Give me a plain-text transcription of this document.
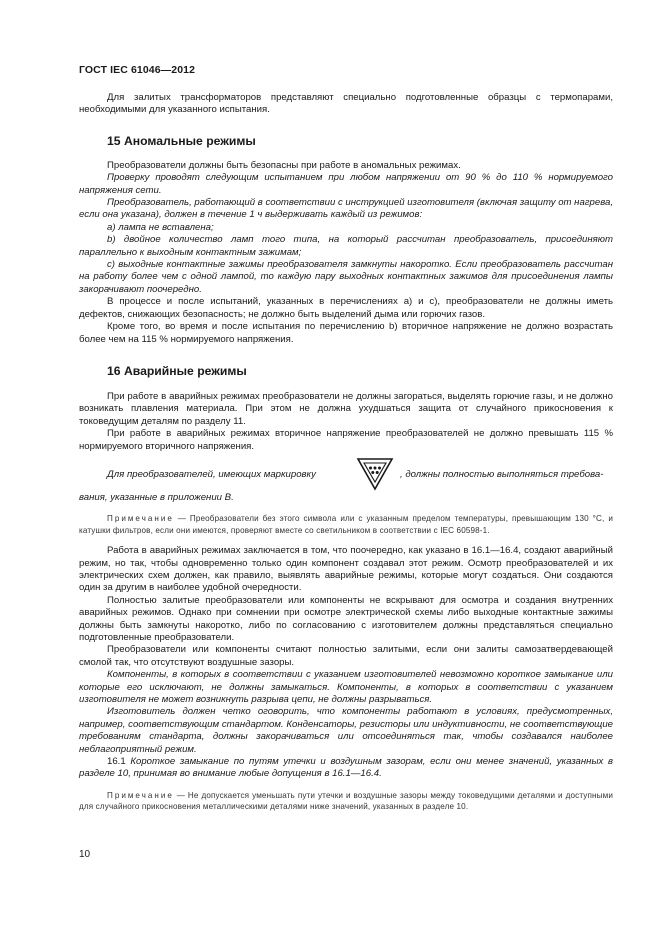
ГОСТ IEC 61046—2012

Для залитых трансформаторов представляют специально подготовленные образцы с термопарами, необходимыми для указанного испытания.

15 Аномальные режимы

Преобразователи должны быть безопасны при работе в аномальных режимах.

Проверку проводят следующим испытанием при любом напряжении от 90 % до 110 % нормируемого напряжения сети.

Преобразователь, работающий в соответствии с инструкцией изготовителя (включая защиту от нагрева, если она указана), должен в течение 1 ч выдерживать каждый из режимов:

а) лампа не вставлена;

b) двойное количество ламп того типа, на который рассчитан преобразователь, присоединяют параллельно к выходным контактным зажимам;

с) выходные контактные зажимы преобразователя замкнуты накоротко. Если преобразователь рассчитан на работу более чем с одной лампой, то каждую пару выходных контактных зажимов для присоединения лампы закорачивают поочередно.

В процессе и после испытаний, указанных в перечислениях а) и с), преобразователи не должны иметь дефектов, снижающих безопасность; не должно быть выделений дыма или горючих газов.

Кроме того, во время и после испытания по перечислению b) вторичное напряжение не должно возрастать более чем на 115 % нормируемого напряжения.

16 Аварийные режимы

При работе в аварийных режимах преобразователи не должны загораться, выделять горючие газы, и не должно возникать плавления материала. При этом не должна ухудшаться защита от случайного прикосновения к токоведущим деталям по разделу 11.

При работе в аварийных режимах вторичное напряжение преобразователей не должно превышать 115 % нормируемого вторичного напряжения.

Для преобразователей, имеющих маркировку	, должны полностью выполняться требова-

вания, указанные в приложении В.

Примечание — Преобразователи без этого символа или с указанным пределом температуры, превышающим 130 °С, и катушки фильтров, если они имеются, проверяют вместе со светильником в соответствии с IEC 60598-1.

Работа в аварийных режимах заключается в том, что поочередно, как указано в 16.1—16.4, создают аварийный режим, но так, чтобы одновременно только один компонент создавал этот режим. Осмотр преобразователей и их электрических схем должен, как правило, выявлять аварийные режимы, которые могут создаться. Они создаются один за другим в наиболее удобной очередности.

Полностью залитые преобразователи или компоненты не вскрывают для осмотра и создания внутренних аварийных режимов. Однако при сомнении при осмотре электрической схемы либо выходные контактные зажимы должны быть замкнуты накоротко, либо по согласованию с изготовителем должны представляться специально подготовленные преобразователи.

Преобразователи или компоненты считают полностью залитыми, если они залиты самозатвердевающей смолой так, что отсутствуют воздушные зазоры.

Компоненты, в которых в соответствии с указанием изготовителей невозможно короткое замыкание или которые его исключают, не должны замыкаться. Компоненты, в которых в соответствии с указанием изготовителя не может возникнуть разрыва цепи, не должны разрываться.

Изготовитель должен четко оговорить, что компоненты работают в условиях, предусмотренных, например, соответствующим стандартом. Конденсаторы, резисторы или индуктивности, не соответствующие требованиям стандарта, должны закорачиваться или отсоединяться так, чтобы создавался наиболее неблагоприятный режим.

16.1 Короткое замыкание по путям утечки и воздушным зазорам, если они менее значений, указанных в разделе 10, принимая во внимание любые допущения в 16.1—16.4.

Примечание — Не допускается уменьшать пути утечки и воздушные зазоры между токоведущими деталями и доступными для случайного прикосновения металлическими деталями ниже значений, указанных в разделе 10.

10
